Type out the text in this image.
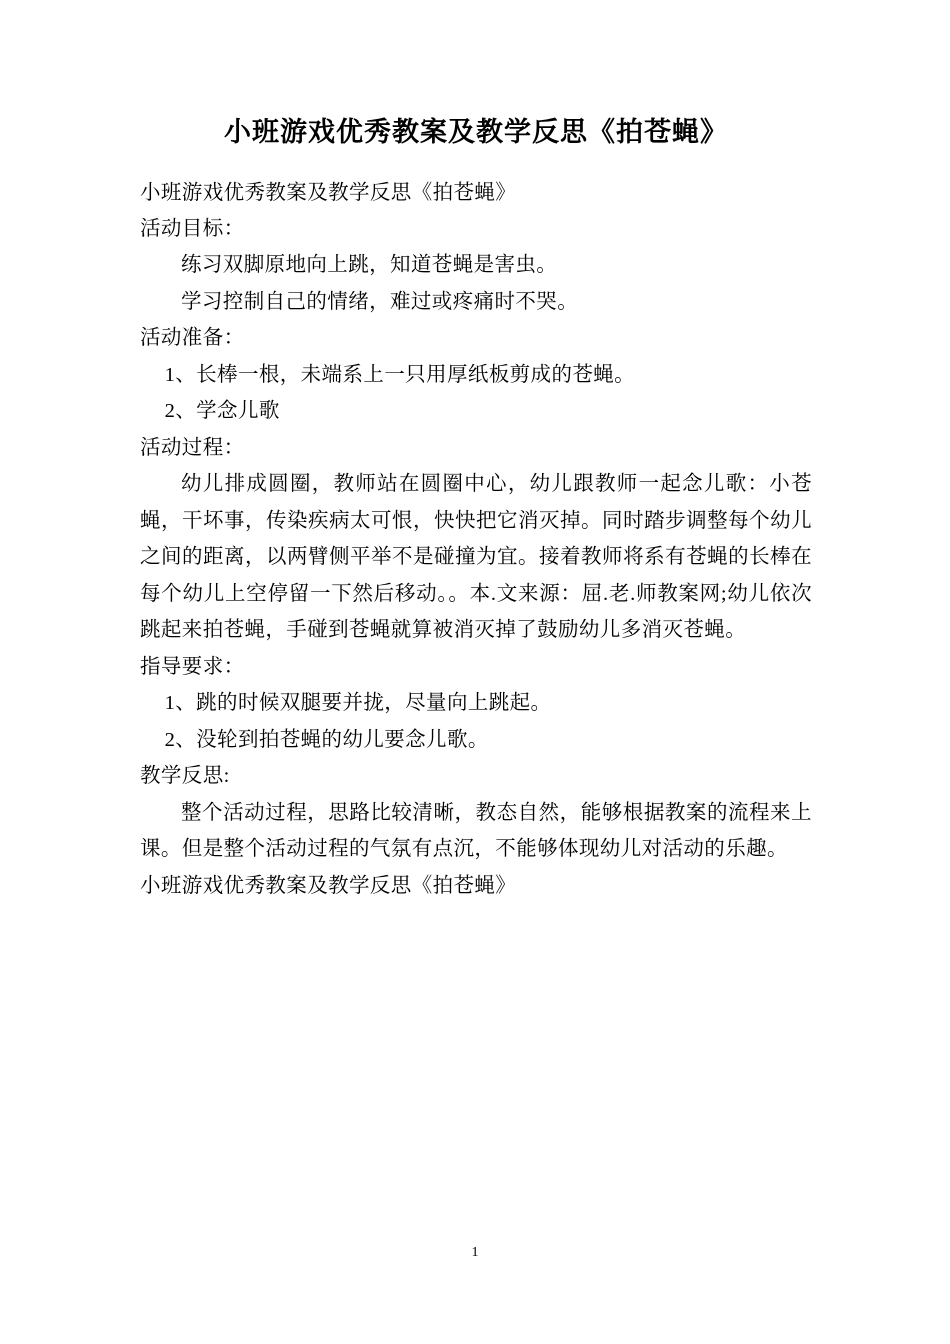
小班游戏优秀教案及教学反思《拍苍蝇》

小班游戏优秀教案及教学反思《拍苍蝇》

活动目标：

练习双脚原地向上跳，知道苍蝇是害虫。

学习控制自己的情绪，难过或疼痛时不哭。

活动准备：

1、长棒一根，未端系上一只用厚纸板剪成的苍蝇。

2、学念儿歌

活动过程：

幼儿排成圆圈，教师站在圆圈中心，幼儿跟教师一起念儿歌：小苍蝇，干坏事，传染疾病太可恨，快快把它消灭掉。同时踏步调整每个幼儿之间的距离，以两臂侧平举不是碰撞为宜。接着教师将系有苍蝇的长棒在每个幼儿上空停留一下然后移动。。本.文来源：屈.老.师教案网;幼儿依次跳起来拍苍蝇，手碰到苍蝇就算被消灭掉了鼓励幼儿多消灭苍蝇。

指导要求：

1、跳的时候双腿要并拢，尽量向上跳起。

2、没轮到拍苍蝇的幼儿要念儿歌。

教学反思:

整个活动过程，思路比较清晰，教态自然，能够根据教案的流程来上课。但是整个活动过程的气氛有点沉，不能够体现幼儿对活动的乐趣。

小班游戏优秀教案及教学反思《拍苍蝇》

1
